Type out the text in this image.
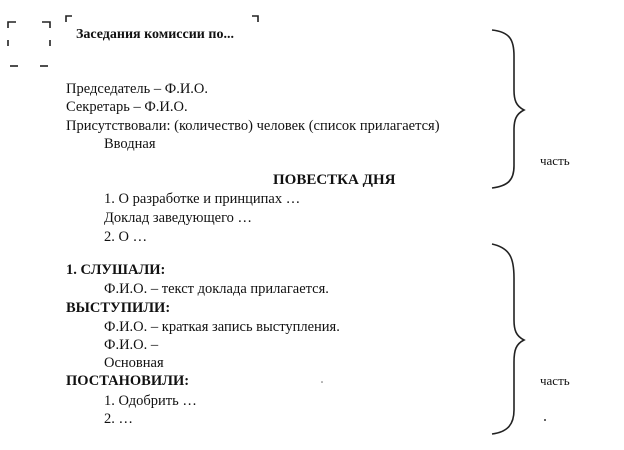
Заседания комиссии по...
Председатель – Ф.И.О.
Секретарь – Ф.И.О.
Присутствовали: (количество) человек (список прилагается)
Вводная
часть
ПОВЕСТКА ДНЯ
1. О разработке и принципах …
Доклад заведующего …
2. О …
1. СЛУШАЛИ:
Ф.И.О. – текст доклада прилагается.
ВЫСТУПИЛИ:
Ф.И.О. – краткая запись выступления.
Ф.И.О. –
Основная
часть
ПОСТАНОВИЛИ:
1. Одобрить …
2. …
